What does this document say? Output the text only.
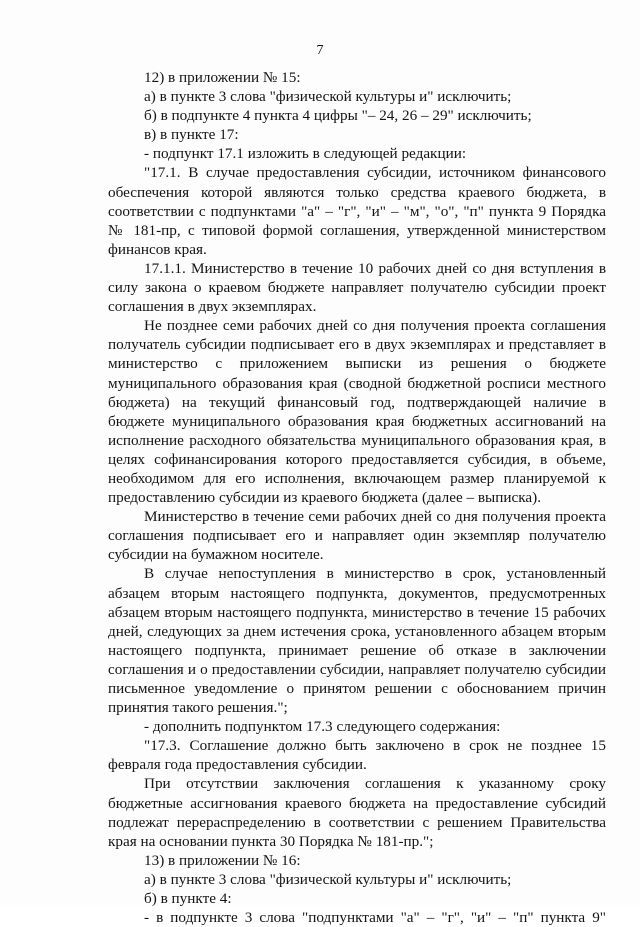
7

12) в приложении № 15:

а) в пункте 3 слова "физической культуры и" исключить;

б) в подпункте 4 пункта 4 цифры "– 24, 26 – 29" исключить;

в) в пункте 17:

- подпункт 17.1 изложить в следующей редакции:

"17.1. В случае предоставления субсидии, источником финансового обеспечения которой являются только средства краевого бюджета, в соответствии с подпунктами "а" – "г", "и" – "м", "о", "п" пункта 9 Порядка № 181-пр, с типовой формой соглашения, утвержденной министерством финансов края.

17.1.1. Министерство в течение 10 рабочих дней со дня вступления в силу закона о краевом бюджете направляет получателю субсидии проект соглашения в двух экземплярах.

Не позднее семи рабочих дней со дня получения проекта соглашения получатель субсидии подписывает его в двух экземплярах и представляет в министерство с приложением выписки из решения о бюджете муниципального образования края (сводной бюджетной росписи местного бюджета) на текущий финансовый год, подтверждающей наличие в бюджете муниципального образования края бюджетных ассигнований на исполнение расходного обязательства муниципального образования края, в целях софинансирования которого предоставляется субсидия, в объеме, необходимом для его исполнения, включающем размер планируемой к предоставлению субсидии из краевого бюджета (далее – выписка).

Министерство в течение семи рабочих дней со дня получения проекта соглашения подписывает его и направляет один экземпляр получателю субсидии на бумажном носителе.

В случае непоступления в министерство в срок, установленный абзацем вторым настоящего подпункта, документов, предусмотренных абзацем вторым настоящего подпункта, министерство в течение 15 рабочих дней, следующих за днем истечения срока, установленного абзацем вторым настоящего подпункта, принимает решение об отказе в заключении соглашения и о предоставлении субсидии, направляет получателю субсидии письменное уведомление о принятом решении с обоснованием причин принятия такого решения.";

- дополнить подпунктом 17.3 следующего содержания:

"17.3. Соглашение должно быть заключено в срок не позднее 15 февраля года предоставления субсидии.

При отсутствии заключения соглашения к указанному сроку бюджетные ассигнования краевого бюджета на предоставление субсидий подлежат перераспределению в соответствии с решением Правительства края на основании пункта 30 Порядка № 181-пр.";

13) в приложении № 16:

а) в пункте 3 слова "физической культуры и" исключить;

б) в пункте 4:

- в подпункте 3 слова "подпунктами "а" – "г", "и" – "п" пункта 9"
